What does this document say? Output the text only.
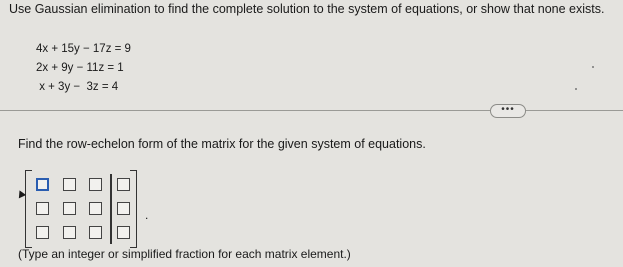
Use Gaussian elimination to find the complete solution to the system of equations, or show that none exists.
4x + 15y − 17z = 9
2x + 9y − 11z = 1
x + 3y −  3z = 4
•••
Find the row-echelon form of the matrix for the given system of equations.
.
(Type an integer or simplified fraction for each matrix element.)
